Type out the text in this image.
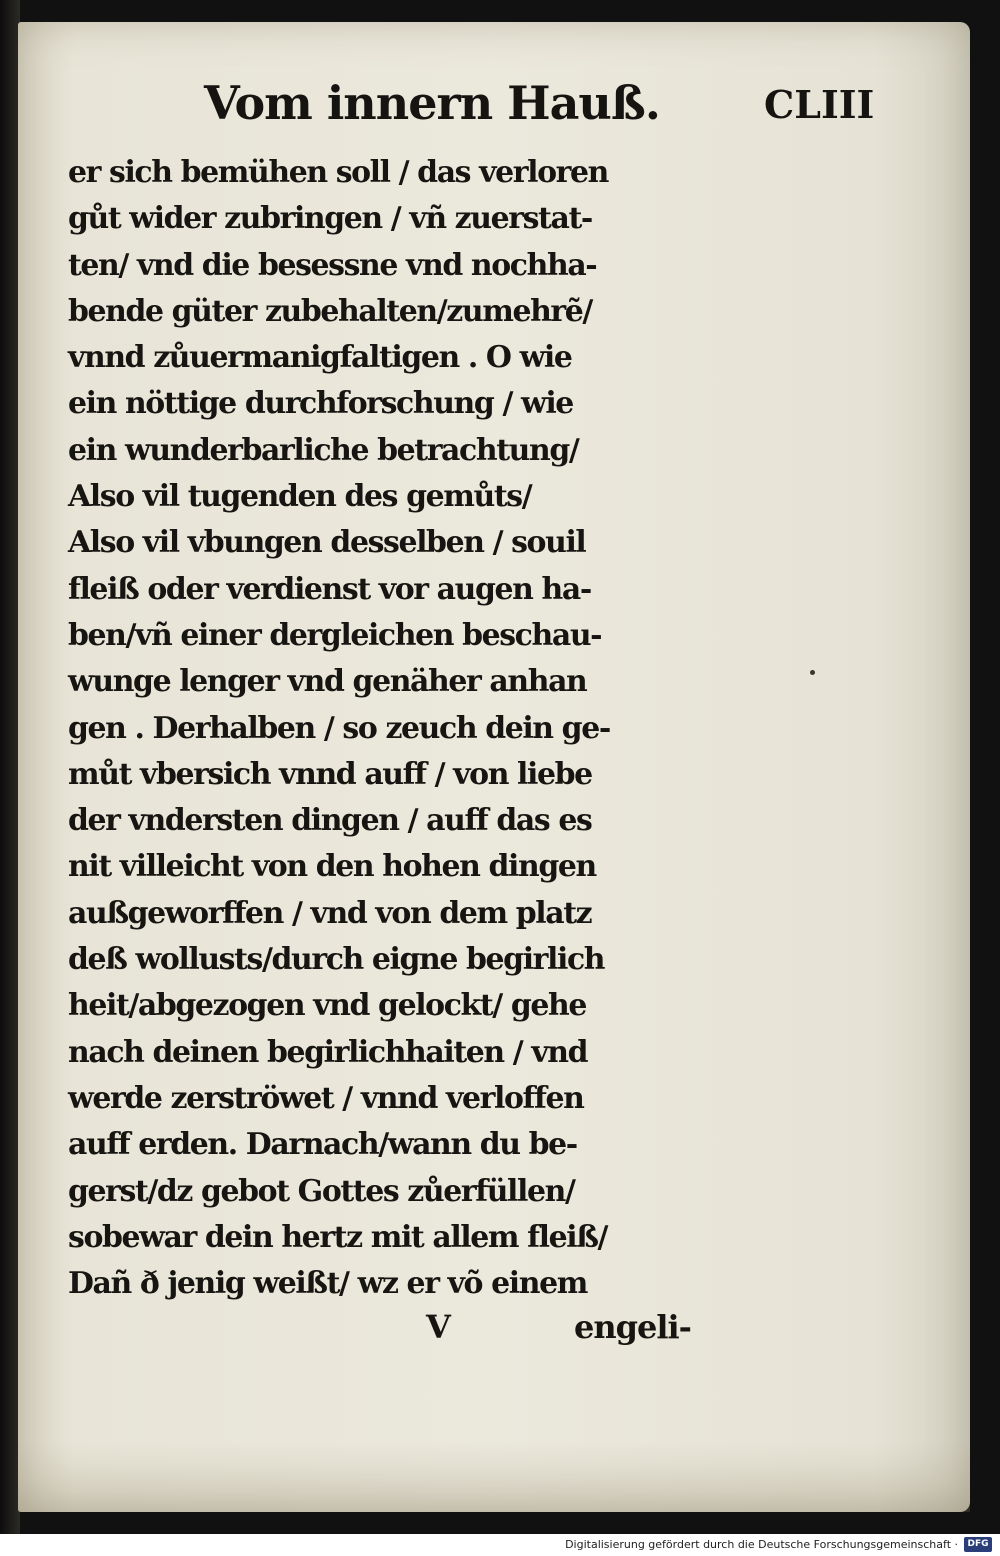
Vom innern Hauß.	CLIII
er sich bemühen soll / das verloren
gůt wider zubringen / vñ zuerstat-
ten/ vnd die besessne vnd nochha-
bende güter zubehalten/zumehrẽ/
vnnd zůuermanigfaltigen . O wie
ein nöttige durchforschung / wie
ein wunderbarliche betrachtung/
Also vil tugenden des gemůts/
Also vil vbungen desselben / souil
fleiß oder verdienst vor augen ha-
ben/vñ einer dergleichen beschau-
wunge lenger vnd genäher anhan
gen . Derhalben / so zeuch dein ge-
můt vbersich vnnd auff / von liebe
der vndersten dingen / auff das es
nit villeicht von den hohen dingen
außgeworffen / vnd von dem platz
deß wollusts/durch eigne begirlich
heit/abgezogen vnd gelockt/ gehe
nach deinen begirlichhaiten / vnd
werde zerströwet / vnnd verloffen
auff erden. Darnach/wann du be-
gerst/dz gebot Gottes zůerfüllen/
sobewar dein hertz mit allem fleiß/
Dañ ð jenig weißt/ wz er võ einem
V	engeli-
Digitalisierung gefördert durch die Deutsche Forschungsgemeinschaft ·	DFG
